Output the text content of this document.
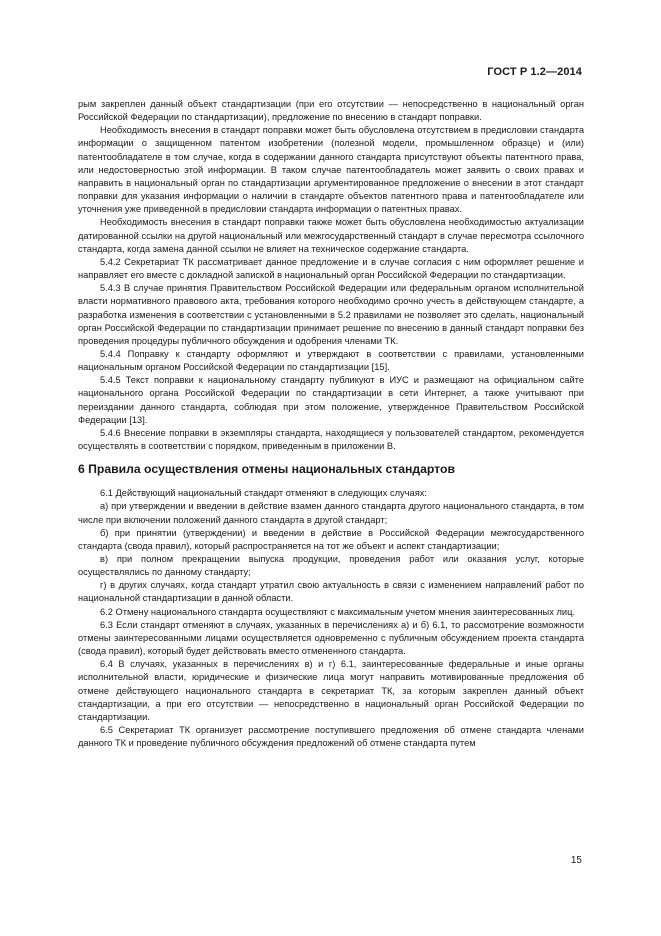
ГОСТ Р 1.2—2014

рым закреплен данный объект стандартизации (при его отсутствии — непосредственно в национальный орган Российской Федерации по стандартизации), предложение по внесению в стандарт поправки.

Необходимость внесения в стандарт поправки может быть обусловлена отсутствием в предисловии стандарта информации о защищенном патентом изобретении (полезной модели, промышленном образце) и (или) патентообладателе в том случае, когда в содержании данного стандарта присутствуют объекты патентного права, или недостоверностью этой информации. В таком случае патентообладатель может заявить о своих правах и направить в национальный орган по стандартизации аргументированное предложение о внесении в этот стандарт поправки для указания информации о наличии в стандарте объектов патентного права и патентообладателе или уточнения уже приведенной в предисловии стандарта информации о патентных правах.

Необходимость внесения в стандарт поправки также может быть обусловлена необходимостью актуализации датированной ссылки на другой национальный или межгосударственный стандарт в случае пересмотра ссылочного стандарта, когда замена данной ссылки не влияет на техническое содержание стандарта.

5.4.2 Секретариат ТК рассматривает данное предложение и в случае согласия с ним оформляет решение и направляет его вместе с докладной запиской в национальный орган Российской Федерации по стандартизации.

5.4.3 В случае принятия Правительством Российской Федерации или федеральным органом исполнительной власти нормативного правового акта, требования которого необходимо срочно учесть в действующем стандарте, а разработка изменения в соответствии с установленными в 5.2 правилами не позволяет это сделать, национальный орган Российской Федерации по стандартизации принимает решение по внесению в данный стандарт поправки без проведения процедуры публичного обсуждения и одобрения членами ТК.

5.4.4 Поправку к стандарту оформляют и утверждают в соответствии с правилами, установленными национальным органом Российской Федерации по стандартизации [15].

5.4.5 Текст поправки к национальному стандарту публикуют в ИУС и размещают на официальном сайте национального органа Российской Федерации по стандартизации в сети Интернет, а также учитывают при переиздании данного стандарта, соблюдая при этом положение, утвержденное Правительством Российской Федерации [13].

5.4.6 Внесение поправки в экземпляры стандарта, находящиеся у пользователей стандартом, рекомендуется осуществлять в соответствии с порядком, приведенным в приложении В.

6 Правила осуществления отмены национальных стандартов

6.1 Действующий национальный стандарт отменяют в следующих случаях:

а) при утверждении и введении в действие взамен данного стандарта другого национального стандарта, в том числе при включении положений данного стандарта в другой стандарт;

б) при принятии (утверждении) и введении в действие в Российской Федерации межгосударственного стандарта (свода правил), который распространяется на тот же объект и аспект стандартизации;

в) при полном прекращении выпуска продукции, проведения работ или оказания услуг, которые осуществлялись по данному стандарту;

г) в других случаях, когда стандарт утратил свою актуальность в связи с изменением направлений работ по национальной стандартизации в данной области.

6.2 Отмену национального стандарта осуществляют с максимальным учетом мнения заинтересованных лиц.

6.3 Если стандарт отменяют в случаях, указанных в перечислениях а) и б) 6.1, то рассмотрение возможности отмены заинтересованными лицами осуществляется одновременно с публичным обсуждением проекта стандарта (свода правил), который будет действовать вместо отмененного стандарта.

6.4 В случаях, указанных в перечислениях в) и г) 6.1, заинтересованные федеральные и иные органы исполнительной власти, юридические и физические лица могут направить мотивированные предложения об отмене действующего национального стандарта в секретариат ТК, за которым закреплен данный объект стандартизации, а при его отсутствии — непосредственно в национальный орган Российской Федерации по стандартизации.

6.5 Секретариат ТК организует рассмотрение поступившего предложения об отмене стандарта членами данного ТК и проведение публичного обсуждения предложений об отмене стандарта путем

15
